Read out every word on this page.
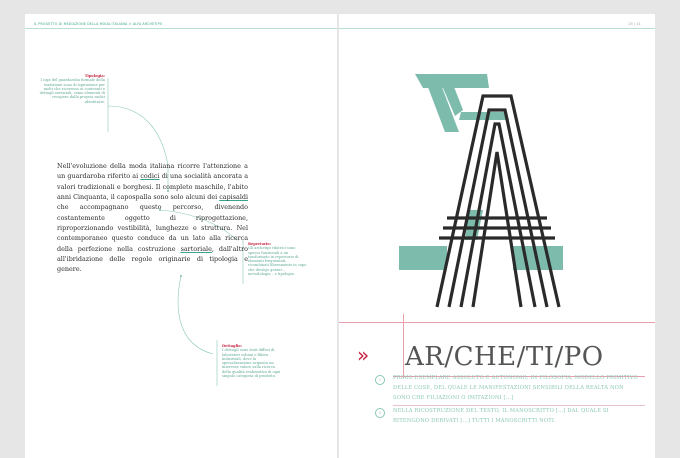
IL PROGETTO DI MEDIAZIONE DELLA MODA ITALIANA > ALFA ARCHETIPO
Tipologia:
I capi del guardaroba formale della tradizione sono di ispirazione per molti che ricorrono ai contenuti e dettagli sartoriali, come elementi di recupero dalla propria radici identitarie.
Repertorio:
Gli archetipi vilatrici sono spesso funzionali a un trasformato in repertorio di elementi frequentati, ricombinati liberamente in capo che divulgo generi – metodologia – e tipologia.
Dettaglio:
I dettagli sono stati diffusi di laboratori urbani e filiera industriali, dove la specializzazione acquista un interesse valore sulla ricerca della qualità realizzativa di ogni singolo categoria di prodotto.

Nell'evoluzione della moda italiana ricorre l'attenzione a un guardaroba riferito ai codici di una socialità ancorata a valori tradizionali e borghesi. Il completo maschile, l'abito anni Cinquanta, il capospalla sono solo alcuni dei capisaldi che accompagnano questo percorso, divenendo costantemente oggetto di riprogettazione, riproporzionando vestibilità, lunghezze e struttura. Nel contemporaneo questo conduce da un lato alla ricerca della perfezione nella costruzione sartoriale, dall'altro all'ibridazione delle regole originarie di tipologia e genere.

29 | 41
» AR/CHE/TI/PO
1	PRIMO ESEMPLARE ASSOLUTO E AUTONOMO; IN FILOSOFIA, MODELLO PRIMITIVO DELLE COSE, DEL QUALE LE MANIFESTAZIONI SENSIBILI DELLA REALTÀ NON SONO CHE FILIAZIONI O IMITAZIONI [...]
2	NELLA RICOSTRUZIONE DEL TESTO, IL MANOSCRITTO [...] DAL QUALE SI RITENGONO DERIVATI [...] TUTTI I MANOSCRITTI NOTI.
